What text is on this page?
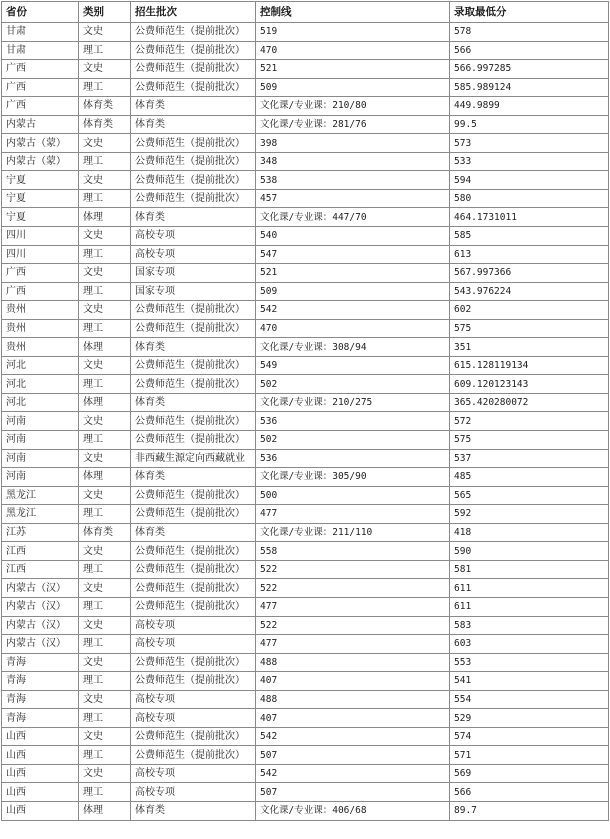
省份	类别	招生批次	控制线	录取最低分
甘肃	文史	公费师范生（提前批次）	519	578
甘肃	理工	公费师范生（提前批次）	470	566
广西	文史	公费师范生（提前批次）	521	566.997285
广西	理工	公费师范生（提前批次）	509	585.989124
广西	体育类	体育类	文化课/专业课：210/80	449.9899
内蒙古	体育类	体育类	文化课/专业课：281/76	99.5
内蒙古（蒙）	文史	公费师范生（提前批次）	398	573
内蒙古（蒙）	理工	公费师范生（提前批次）	348	533
宁夏	文史	公费师范生（提前批次）	538	594
宁夏	理工	公费师范生（提前批次）	457	580
宁夏	体理	体育类	文化课/专业课：447/70	464.1731011
四川	文史	高校专项	540	585
四川	理工	高校专项	547	613
广西	文史	国家专项	521	567.997366
广西	理工	国家专项	509	543.976224
贵州	文史	公费师范生（提前批次）	542	602
贵州	理工	公费师范生（提前批次）	470	575
贵州	体理	体育类	文化课/专业课：308/94	351
河北	文史	公费师范生（提前批次）	549	615.128119134
河北	理工	公费师范生（提前批次）	502	609.120123143
河北	体理	体育类	文化课/专业课：210/275	365.420280072
河南	文史	公费师范生（提前批次）	536	572
河南	理工	公费师范生（提前批次）	502	575
河南	文史	非西藏生源定向西藏就业	536	537
河南	体理	体育类	文化课/专业课：305/90	485
黑龙江	文史	公费师范生（提前批次）	500	565
黑龙江	理工	公费师范生（提前批次）	477	592
江苏	体育类	体育类	文化课/专业课：211/110	418
江西	文史	公费师范生（提前批次）	558	590
江西	理工	公费师范生（提前批次）	522	581
内蒙古（汉）	文史	公费师范生（提前批次）	522	611
内蒙古（汉）	理工	公费师范生（提前批次）	477	611
内蒙古（汉）	文史	高校专项	522	583
内蒙古（汉）	理工	高校专项	477	603
青海	文史	公费师范生（提前批次）	488	553
青海	理工	公费师范生（提前批次）	407	541
青海	文史	高校专项	488	554
青海	理工	高校专项	407	529
山西	文史	公费师范生（提前批次）	542	574
山西	理工	公费师范生（提前批次）	507	571
山西	文史	高校专项	542	569
山西	理工	高校专项	507	566
山西	体理	体育类	文化课/专业课：406/68	89.7
